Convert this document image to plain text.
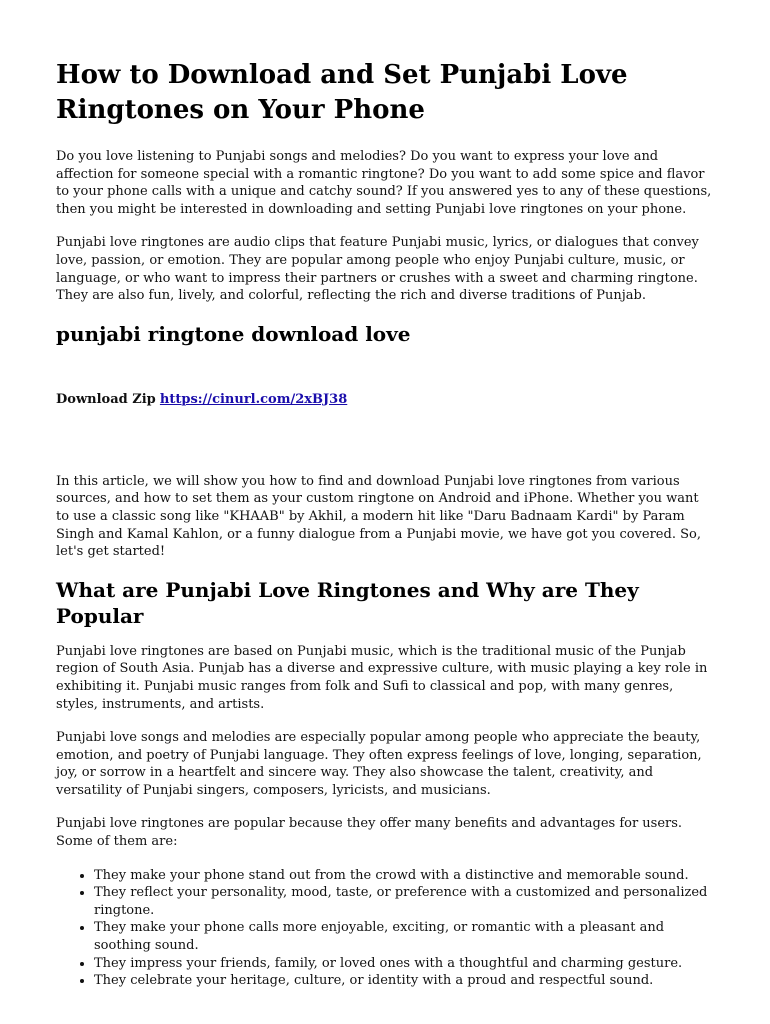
How to Download and Set Punjabi Love Ringtones on Your Phone

Do you love listening to Punjabi songs and melodies? Do you want to express your love and affection for someone special with a romantic ringtone? Do you want to add some spice and flavor to your phone calls with a unique and catchy sound? If you answered yes to any of these questions, then you might be interested in downloading and setting Punjabi love ringtones on your phone.

Punjabi love ringtones are audio clips that feature Punjabi music, lyrics, or dialogues that convey love, passion, or emotion. They are popular among people who enjoy Punjabi culture, music, or language, or who want to impress their partners or crushes with a sweet and charming ringtone. They are also fun, lively, and colorful, reflecting the rich and diverse traditions of Punjab.

punjabi ringtone download love
Download Zip https://cinurl.com/2xBJ38

In this article, we will show you how to find and download Punjabi love ringtones from various sources, and how to set them as your custom ringtone on Android and iPhone. Whether you want to use a classic song like "KHAAB" by Akhil, a modern hit like "Daru Badnaam Kardi" by Param Singh and Kamal Kahlon, or a funny dialogue from a Punjabi movie, we have got you covered. So, let's get started!

What are Punjabi Love Ringtones and Why are They Popular

Punjabi love ringtones are based on Punjabi music, which is the traditional music of the Punjab region of South Asia. Punjab has a diverse and expressive culture, with music playing a key role in exhibiting it. Punjabi music ranges from folk and Sufi to classical and pop, with many genres, styles, instruments, and artists.

Punjabi love songs and melodies are especially popular among people who appreciate the beauty, emotion, and poetry of Punjabi language. They often express feelings of love, longing, separation, joy, or sorrow in a heartfelt and sincere way. They also showcase the talent, creativity, and versatility of Punjabi singers, composers, lyricists, and musicians.

Punjabi love ringtones are popular because they offer many benefits and advantages for users. Some of them are:

• They make your phone stand out from the crowd with a distinctive and memorable sound.
• They reflect your personality, mood, taste, or preference with a customized and personalized ringtone.
• They make your phone calls more enjoyable, exciting, or romantic with a pleasant and soothing sound.
• They impress your friends, family, or loved ones with a thoughtful and charming gesture.
• They celebrate your heritage, culture, or identity with a proud and respectful sound.
